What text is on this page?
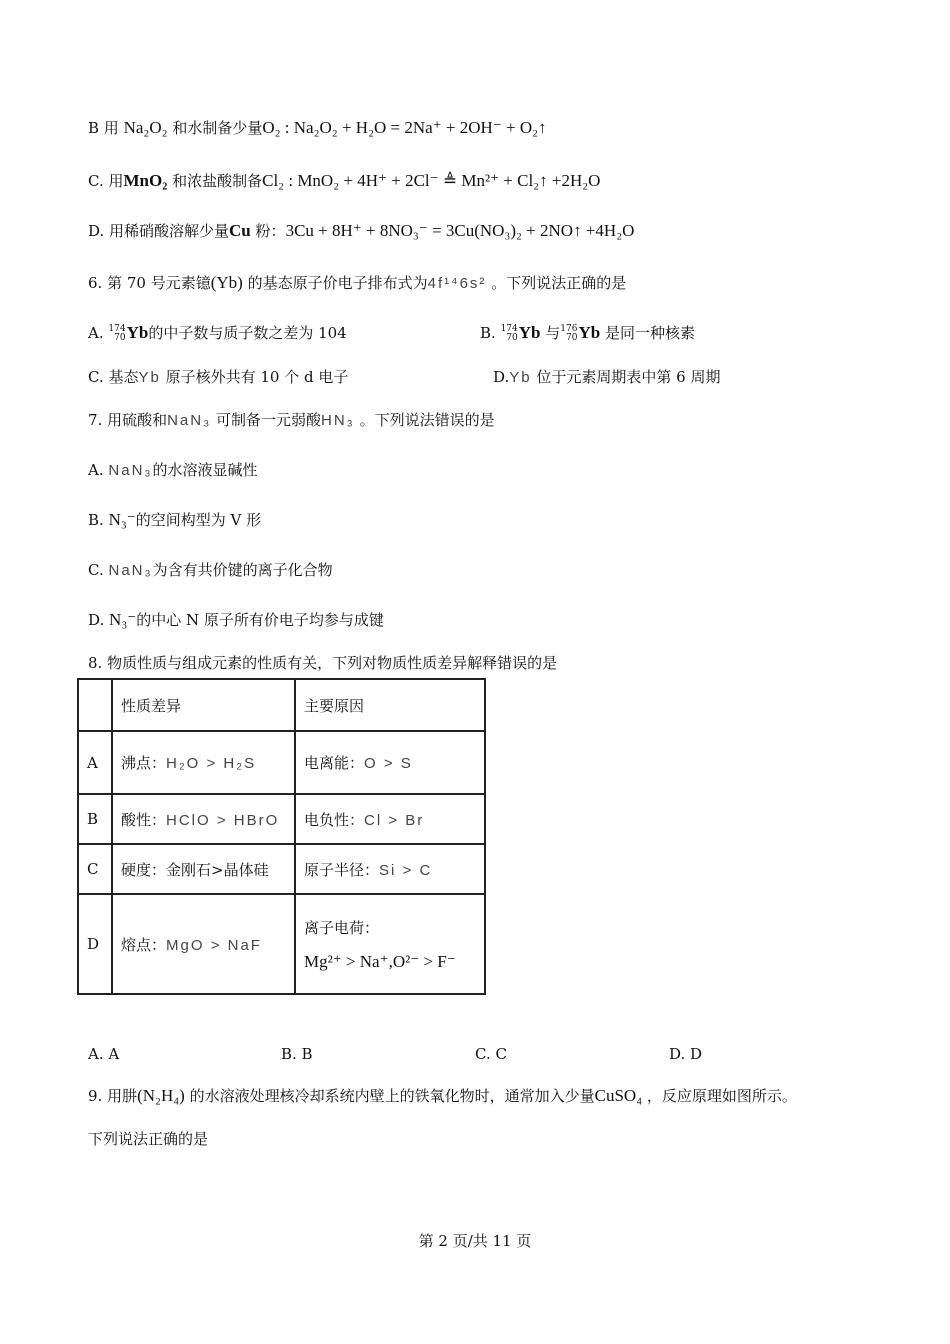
B 用 Na₂O₂ 和水制备少量O₂ : Na₂O₂ + H₂O = 2Na⁺ + 2OH⁻ + O₂↑
C. 用MnO₂ 和浓盐酸制备Cl₂ : MnO₂ + 4H⁺ + 2Cl⁻ ≜ Mn²⁺ + Cl₂↑ +2H₂O
D. 用稀硝酸溶解少量Cu 粉：3Cu + 8H⁺ + 8NO₃⁻ = 3Cu(NO₃)₂ + 2NO↑ +4H₂O
6. 第 70 号元素镱(Yb) 的基态原子价电子排布式为4f¹⁴6s² 。下列说法正确的是
A. 174
70Yb的中子数与质子数之差为 104	B. 174
70Yb 与176
70Yb 是同一种核素
C. 基态Yb 原子核外共有 10 个 d 电子	D.Yb 位于元素周期表中第 6 周期
7. 用硫酸和NaN₃ 可制备一元弱酸HN₃ 。下列说法错误的是
A. NaN₃的水溶液显碱性
B. N₃⁻的空间构型为 V 形
C. NaN₃为含有共价键的离子化合物
D. N₃⁻的中心 N 原子所有价电子均参与成键
8. 物质性质与组成元素的性质有关，下列对物质性质差异解释错误的是
	性质差异	主要原因
A	沸点：H₂O > H₂S	电离能：O > S
B	酸性：HClO > HBrO	电负性：Cl > Br
C	硬度：金刚石>晶体硅	原子半径：Si > C
D	熔点：MgO > NaF	离子电荷：
Mg²⁺ > Na⁺,O²⁻ > F⁻
A. A	B. B	C. C	D. D
9. 用肼(N₂H₄) 的水溶液处理核冷却系统内壁上的铁氧化物时，通常加入少量CuSO₄ ，反应原理如图所示。
下列说法正确的是
第 2 页/共 11 页
